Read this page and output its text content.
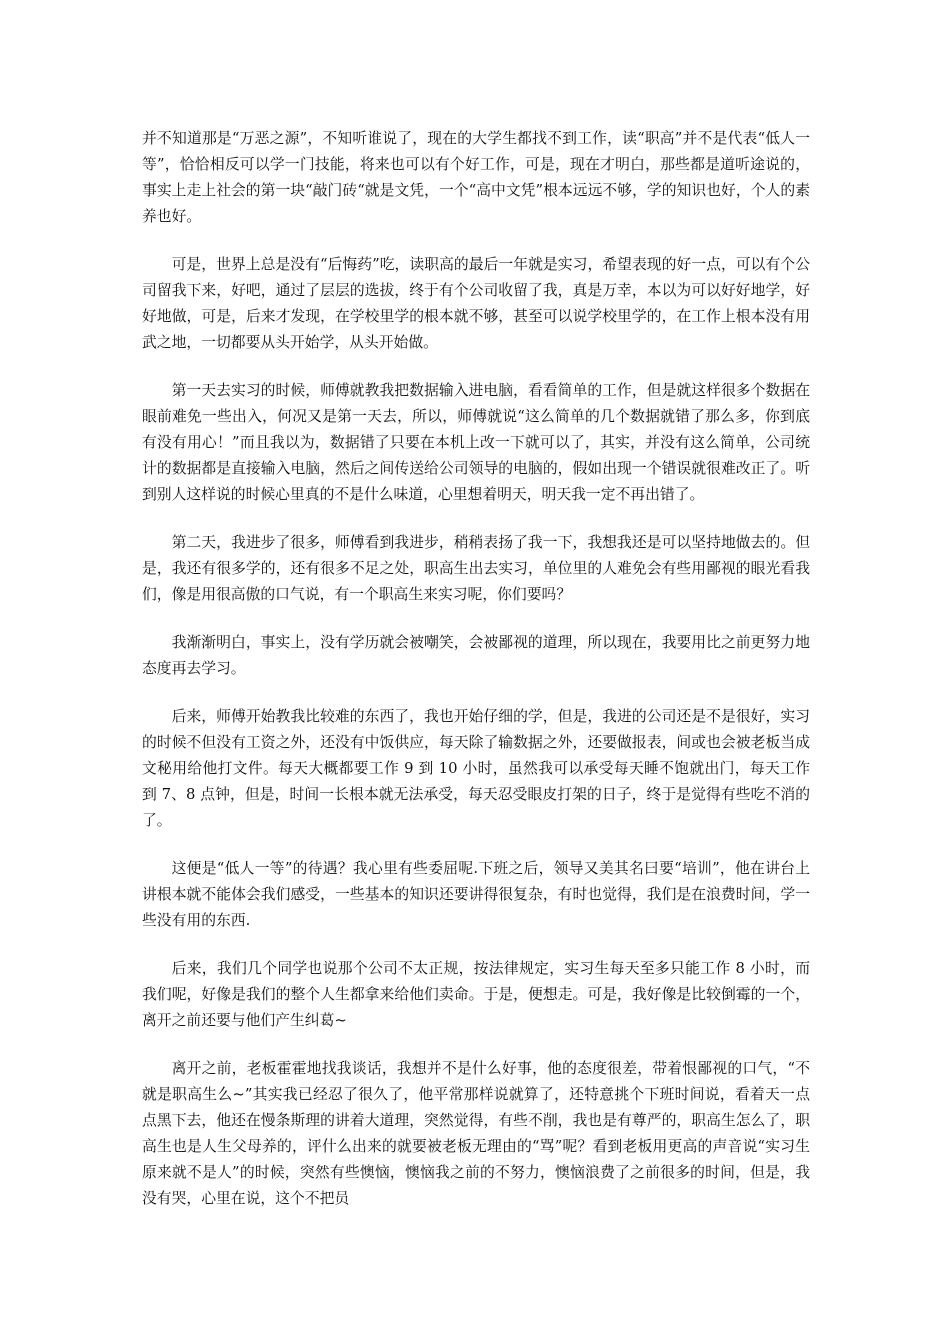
并不知道那是“万恶之源”，不知听谁说了，现在的大学生都找不到工作，读“职高”并不是代表“低人一等”，恰恰相反可以学一门技能，将来也可以有个好工作，可是，现在才明白，那些都是道听途说的，事实上走上社会的第一块“敲门砖“就是文凭，一个“高中文凭”根本远远不够，学的知识也好，个人的素养也好。

可是，世界上总是没有“后悔药”吃，读职高的最后一年就是实习，希望表现的好一点，可以有个公司留我下来，好吧，通过了层层的选拔，终于有个公司收留了我，真是万幸，本以为可以好好地学，好好地做，可是，后来才发现，在学校里学的根本就不够，甚至可以说学校里学的，在工作上根本没有用武之地，一切都要从头开始学，从头开始做。

第一天去实习的时候，师傅就教我把数据输入进电脑，看看简单的工作，但是就这样很多个数据在眼前难免一些出入，何况又是第一天去，所以，师傅就说“这么简单的几个数据就错了那么多，你到底有没有用心！”而且我以为，数据错了只要在本机上改一下就可以了，其实，并没有这么简单，公司统计的数据都是直接输入电脑，然后之间传送给公司领导的电脑的，假如出现一个错误就很难改正了。听到别人这样说的时候心里真的不是什么味道，心里想着明天，明天我一定不再出错了。

第二天，我进步了很多，师傅看到我进步，稍稍表扬了我一下，我想我还是可以坚持地做去的。但是，我还有很多学的，还有很多不足之处，职高生出去实习，单位里的人难免会有些用鄙视的眼光看我们，像是用很高傲的口气说，有一个职高生来实习呢，你们要吗？

我渐渐明白，事实上，没有学历就会被嘲笑，会被鄙视的道理，所以现在，我要用比之前更努力地态度再去学习。

后来，师傅开始教我比较难的东西了，我也开始仔细的学，但是，我进的公司还是不是很好，实习的时候不但没有工资之外，还没有中饭供应，每天除了输数据之外，还要做报表，间或也会被老板当成文秘用给他打文件。每天大概都要工作 9 到 10 小时，虽然我可以承受每天睡不饱就出门，每天工作到 7、8 点钟，但是，时间一长根本就无法承受，每天忍受眼皮打架的日子，终于是觉得有些吃不消的了。

这便是“低人一等”的待遇？我心里有些委屈呢.下班之后，领导又美其名曰要“培训”，他在讲台上讲根本就不能体会我们感受，一些基本的知识还要讲得很复杂，有时也觉得，我们是在浪费时间，学一些没有用的东西.

后来，我们几个同学也说那个公司不太正规，按法律规定，实习生每天至多只能工作 8 小时，而我们呢，好像是我们的整个人生都拿来给他们卖命。于是，便想走。可是，我好像是比较倒霉的一个，离开之前还要与他们产生纠葛~

离开之前，老板霍霍地找我谈话，我想并不是什么好事，他的态度很差，带着恨鄙视的口气，“不就是职高生么~”其实我已经忍了很久了，他平常那样说就算了，还特意挑个下班时间说，看着天一点点黑下去，他还在慢条斯理的讲着大道理，突然觉得，有些不削，我也是有尊严的，职高生怎么了，职高生也是人生父母养的，评什么出来的就要被老板无理由的“骂”呢？看到老板用更高的声音说“实习生原来就不是人”的时候，突然有些懊恼，懊恼我之前的不努力，懊恼浪费了之前很多的时间，但是，我没有哭，心里在说，这个不把员
